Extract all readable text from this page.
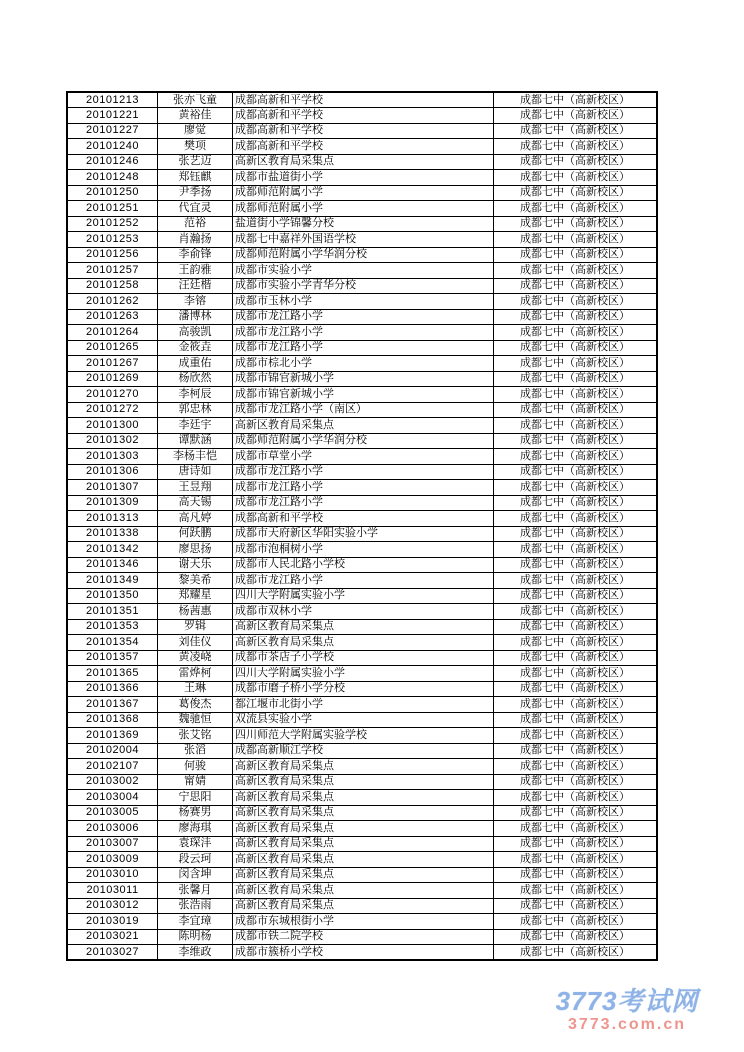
20101213	张亦飞童	成都高新和平学校	成都七中（高新校区）
20101221	黄裕佳	成都高新和平学校	成都七中（高新校区）
20101227	廖觉	成都高新和平学校	成都七中（高新校区）
20101240	樊项	成都高新和平学校	成都七中（高新校区）
20101246	张艺迈	高新区教育局采集点	成都七中（高新校区）
20101248	郑钰麒	成都市盐道街小学	成都七中（高新校区）
20101250	尹季扬	成都师范附属小学	成都七中（高新校区）
20101251	代宜灵	成都师范附属小学	成都七中（高新校区）
20101252	范裕	盐道街小学锦馨分校	成都七中（高新校区）
20101253	肖瀚扬	成都七中嘉祥外国语学校	成都七中（高新校区）
20101256	李俞锋	成都师范附属小学华润分校	成都七中（高新校区）
20101257	王韵雅	成都市实验小学	成都七中（高新校区）
20101258	汪廷楷	成都市实验小学青华分校	成都七中（高新校区）
20101262	李镕	成都市玉林小学	成都七中（高新校区）
20101263	潘博林	成都市龙江路小学	成都七中（高新校区）
20101264	高骏凯	成都市龙江路小学	成都七中（高新校区）
20101265	金筱垚	成都市龙江路小学	成都七中（高新校区）
20101267	成重佑	成都市棕北小学	成都七中（高新校区）
20101269	杨欣然	成都市锦官新城小学	成都七中（高新校区）
20101270	李柯辰	成都市锦官新城小学	成都七中（高新校区）
20101272	郭忠林	成都市龙江路小学（南区）	成都七中（高新校区）
20101300	李廷宇	高新区教育局采集点	成都七中（高新校区）
20101302	谭默涵	成都师范附属小学华润分校	成都七中（高新校区）
20101303	李杨丰恺	成都市草堂小学	成都七中（高新校区）
20101306	唐诗如	成都市龙江路小学	成都七中（高新校区）
20101307	王昱翔	成都市龙江路小学	成都七中（高新校区）
20101309	高天锡	成都市龙江路小学	成都七中（高新校区）
20101313	高凡婷	成都高新和平学校	成都七中（高新校区）
20101338	何跃鹏	成都市天府新区华阳实验小学	成都七中（高新校区）
20101342	廖思扬	成都市泡桐树小学	成都七中（高新校区）
20101346	谢天乐	成都市人民北路小学校	成都七中（高新校区）
20101349	黎美希	成都市龙江路小学	成都七中（高新校区）
20101350	郑耀星	四川大学附属实验小学	成都七中（高新校区）
20101351	杨茜惠	成都市双林小学	成都七中（高新校区）
20101353	罗辑	高新区教育局采集点	成都七中（高新校区）
20101354	刘佳仪	高新区教育局采集点	成都七中（高新校区）
20101357	黄凌峣	成都市茶店子小学校	成都七中（高新校区）
20101365	雷烨柯	四川大学附属实验小学	成都七中（高新校区）
20101366	王琳	成都市磨子桥小学分校	成都七中（高新校区）
20101367	葛俊杰	都江堰市北街小学	成都七中（高新校区）
20101368	魏驰恒	双流县实验小学	成都七中（高新校区）
20101369	张艾铭	四川师范大学附属实验学校	成都七中（高新校区）
20102004	张滔	成都高新顺江学校	成都七中（高新校区）
20102107	何骏	高新区教育局采集点	成都七中（高新校区）
20103002	甯婧	高新区教育局采集点	成都七中（高新校区）
20103004	宁思阳	高新区教育局采集点	成都七中（高新校区）
20103005	杨赛男	高新区教育局采集点	成都七中（高新校区）
20103006	廖海琪	高新区教育局采集点	成都七中（高新校区）
20103007	袁琛沣	高新区教育局采集点	成都七中（高新校区）
20103009	段云珂	高新区教育局采集点	成都七中（高新校区）
20103010	闵含坤	高新区教育局采集点	成都七中（高新校区）
20103011	张馨月	高新区教育局采集点	成都七中（高新校区）
20103012	张浩雨	高新区教育局采集点	成都七中（高新校区）
20103019	李宜璋	成都市东城根街小学	成都七中（高新校区）
20103021	陈明杨	成都市铁二院学校	成都七中（高新校区）
20103027	李维政	成都市簇桥小学校	成都七中（高新校区）
3773考试网
3773.com.cn
